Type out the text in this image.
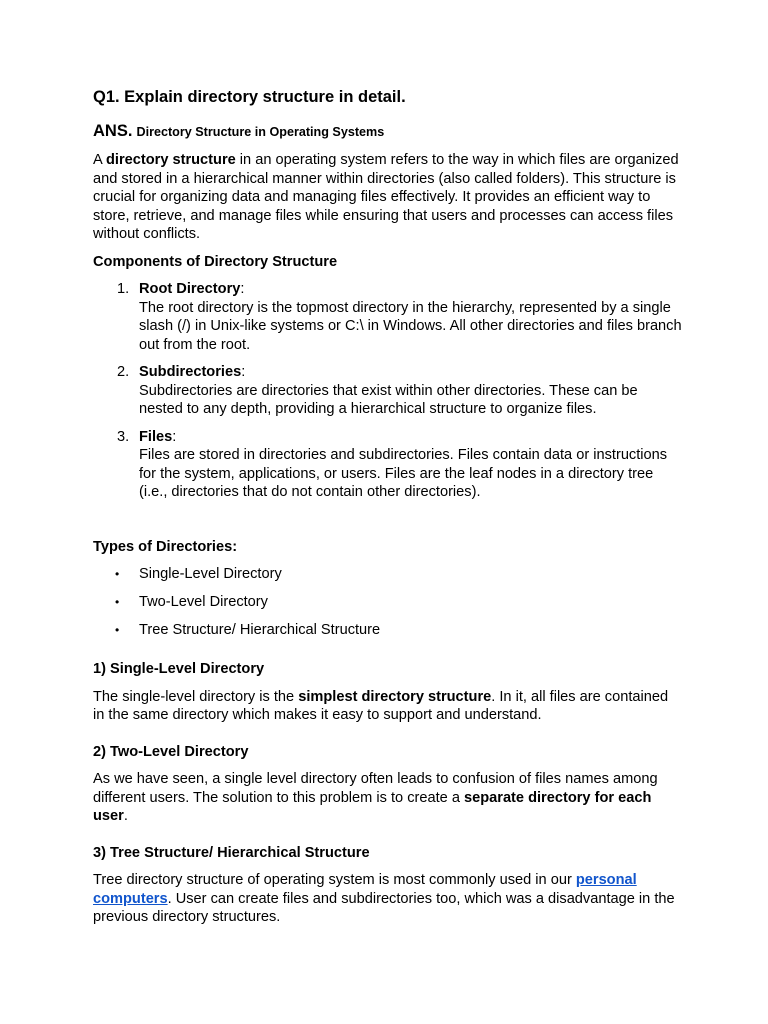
Q1. Explain directory structure in detail.

ANS. Directory Structure in Operating Systems

A directory structure in an operating system refers to the way in which files are organized and stored in a hierarchical manner within directories (also called folders). This structure is crucial for organizing data and managing files effectively. It provides an efficient way to store, retrieve, and manage files while ensuring that users and processes can access files without conflicts.

Components of Directory Structure

1. Root Directory:
The root directory is the topmost directory in the hierarchy, represented by a single slash (/) in Unix-like systems or C:\ in Windows. All other directories and files branch out from the root.
2. Subdirectories:
Subdirectories are directories that exist within other directories. These can be nested to any depth, providing a hierarchical structure to organize files.
3. Files:
Files are stored in directories and subdirectories. Files contain data or instructions for the system, applications, or users. Files are the leaf nodes in a directory tree (i.e., directories that do not contain other directories).

Types of Directories:

• Single-Level Directory
• Two-Level Directory
• Tree Structure/ Hierarchical Structure

1) Single-Level Directory

The single-level directory is the simplest directory structure. In it, all files are contained in the same directory which makes it easy to support and understand.

2) Two-Level Directory

As we have seen, a single level directory often leads to confusion of files names among different users. The solution to this problem is to create a separate directory for each user.

3) Tree Structure/ Hierarchical Structure

Tree directory structure of operating system is most commonly used in our personal computers. User can create files and subdirectories too, which was a disadvantage in the previous directory structures.
